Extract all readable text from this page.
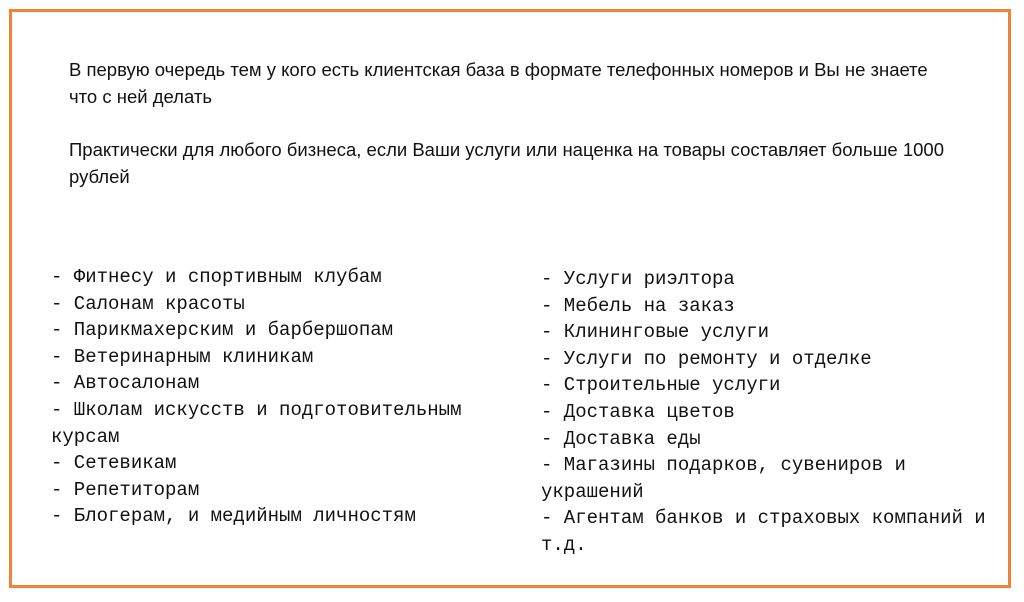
В первую очередь тем у кого есть клиентская база в формате телефонных номеров и Вы не знаете что с ней делать

Практически для любого бизнеса, если Ваши услуги или наценка на товары составляет больше 1000 рублей

- Фитнесу и спортивным клубам
- Салонам красоты
- Парикмахерским и барбершопам
- Ветеринарным клиникам
- Автосалонам
- Школам искусств и подготовительным курсам
- Сетевикам
- Репетиторам
- Блогерам, и медийным личностям
- Услуги риэлтора
- Мебель на заказ
- Клининговые услуги
- Услуги по ремонту и отделке
- Строительные услуги
- Доставка цветов
- Доставка еды
- Магазины подарков, сувениров и украшений
- Агентам банков и страховых компаний и т.д.
